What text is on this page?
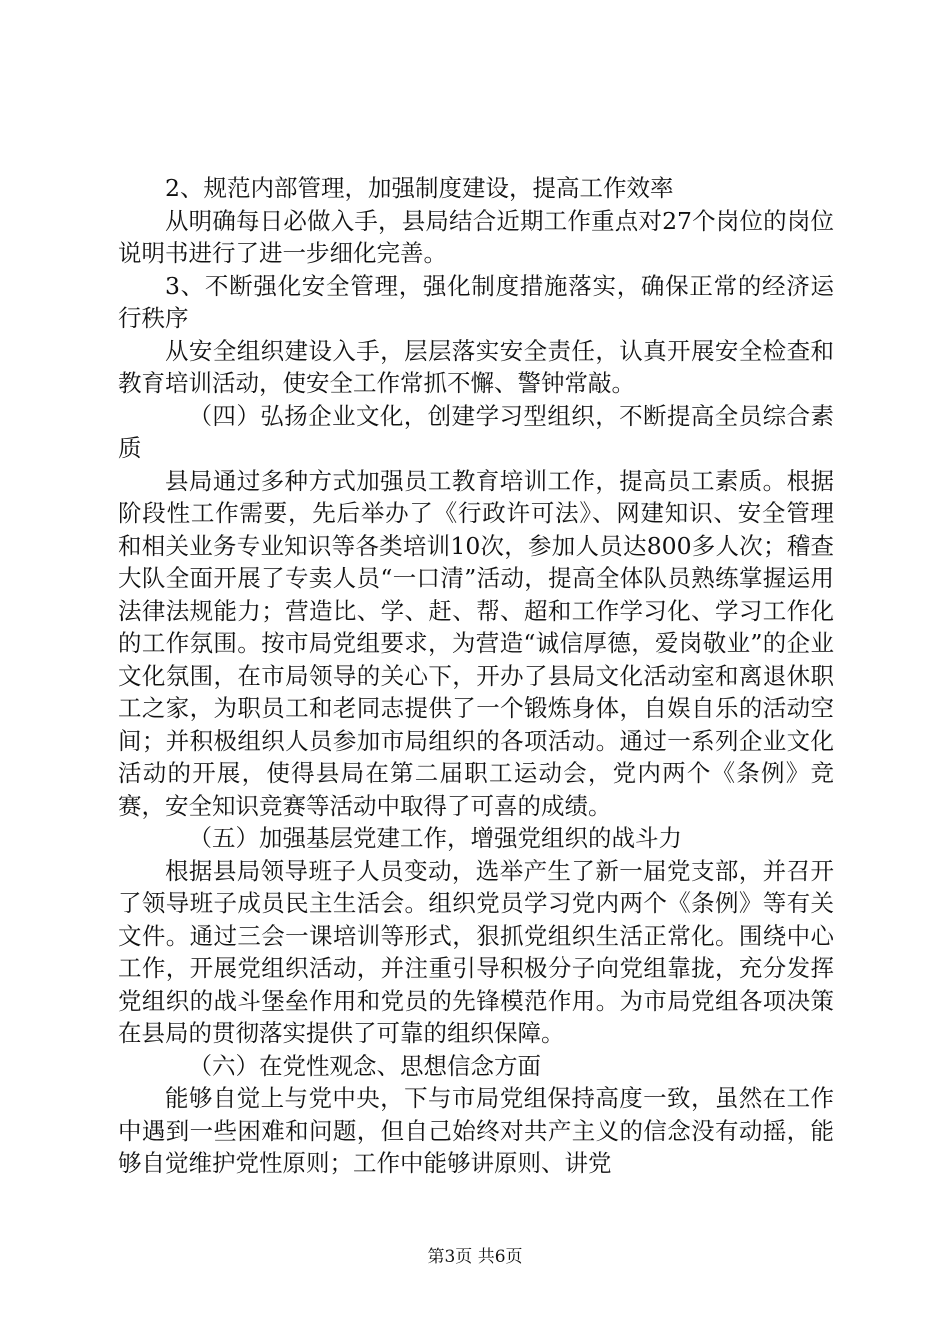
2、规范内部管理，加强制度建设，提高工作效率

从明确每日必做入手，县局结合近期工作重点对27个岗位的岗位说明书进行了进一步细化完善。

3、不断强化安全管理，强化制度措施落实，确保正常的经济运行秩序

从安全组织建设入手，层层落实安全责任，认真开展安全检查和教育培训活动，使安全工作常抓不懈、警钟常敲。

（四）弘扬企业文化，创建学习型组织，不断提高全员综合素质

县局通过多种方式加强员工教育培训工作，提高员工素质。根据阶段性工作需要，先后举办了《行政许可法》、网建知识、安全管理和相关业务专业知识等各类培训10次，参加人员达800多人次；稽查大队全面开展了专卖人员“一口清”活动，提高全体队员熟练掌握运用法律法规能力；营造比、学、赶、帮、超和工作学习化、学习工作化的工作氛围。按市局党组要求，为营造“诚信厚德，爱岗敬业”的企业文化氛围，在市局领导的关心下，开办了县局文化活动室和离退休职工之家，为职员工和老同志提供了一个锻炼身体，自娱自乐的活动空间；并积极组织人员参加市局组织的各项活动。通过一系列企业文化活动的开展，使得县局在第二届职工运动会，党内两个《条例》竞赛，安全知识竞赛等活动中取得了可喜的成绩。

（五）加强基层党建工作，增强党组织的战斗力

根据县局领导班子人员变动，选举产生了新一届党支部，并召开了领导班子成员民主生活会。组织党员学习党内两个《条例》等有关文件。通过三会一课培训等形式，狠抓党组织生活正常化。围绕中心工作，开展党组织活动，并注重引导积极分子向党组靠拢，充分发挥党组织的战斗堡垒作用和党员的先锋模范作用。为市局党组各项决策在县局的贯彻落实提供了可靠的组织保障。

（六）在党性观念、思想信念方面

能够自觉上与党中央，下与市局党组保持高度一致，虽然在工作中遇到一些困难和问题，但自己始终对共产主义的信念没有动摇，能够自觉维护党性原则；工作中能够讲原则、讲党

第3页 共6页
